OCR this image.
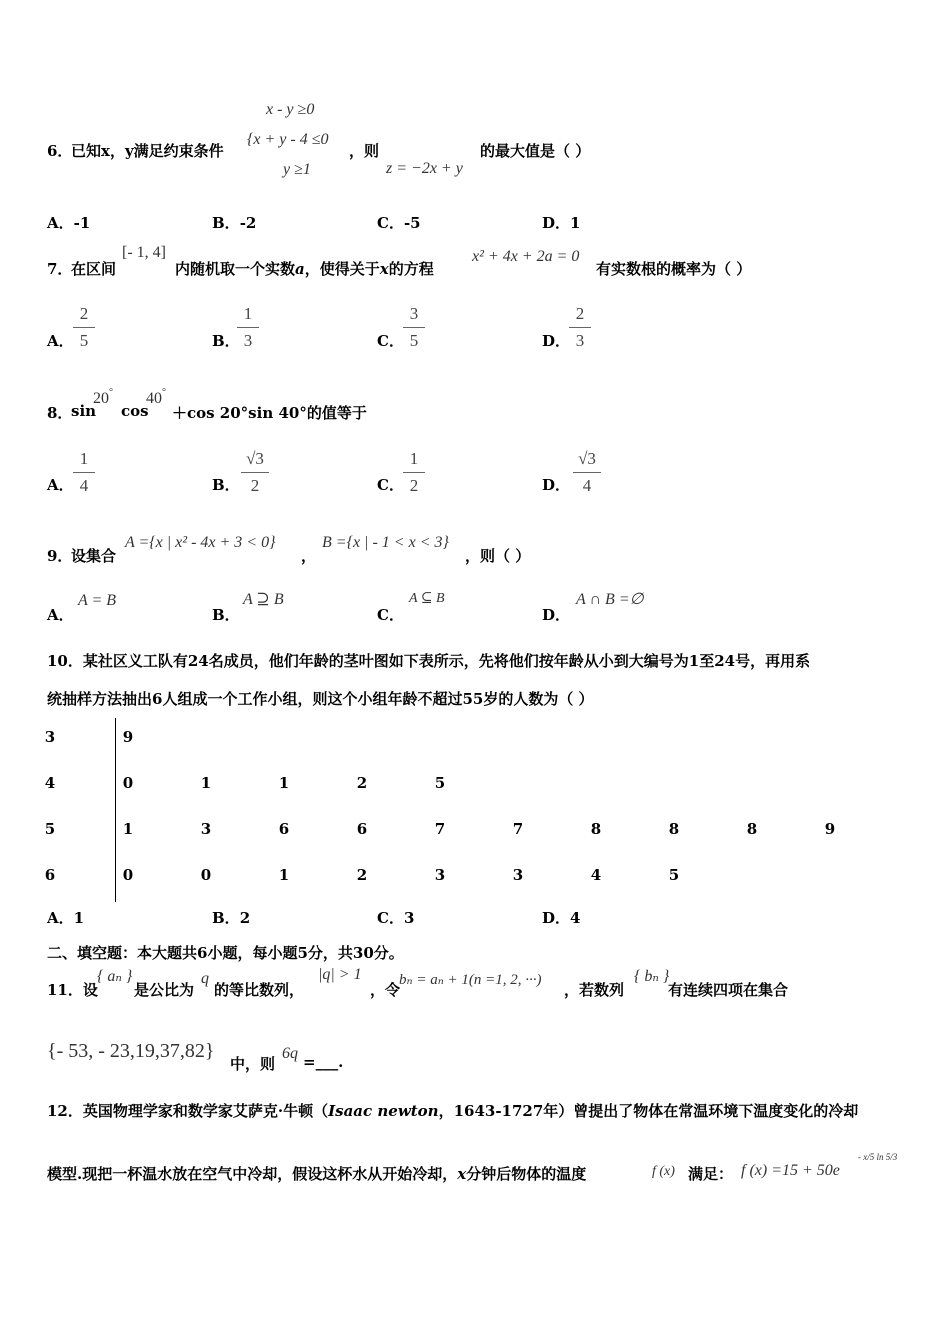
x - y ≥0
6．
已知x，y满足约束条件
{x + y - 4 ≤0
，则	的最大值是（ ）
y ≥1	z = −2x + y
A．-1	B．-2	C．-5	D．1
7．
在区间
[- 1, 4]
内随机取一个实数a，使得关于x的方程
x² + 4x + 2a = 0
有实数根的概率为（ ）
A．
2
5	B．
1
3	C．
3
5	D．
2
3
8．
sin
20°
cos
40°
＋cos 20°sin 40°的值等于
A．
1
4	B．
√3
2	C．
1
2	D．
√3
4
9．
设集合
A ={x | x² - 4x + 3 < 0}
，
B ={x | - 1 < x < 3}
，则（ ）
A．
A = B
B．
A ⊇ B
C．
A ⊆ B
D．
A ∩ B =∅
10．某社区义工队有24名成员，他们年龄的茎叶图如下表所示，先将他们按年龄从小到大编号为1至24号，再用系
统抽样方法抽出6人组成一个工作小组，则这个小组年龄不超过55岁的人数为（ ）
3	9
4	0	1	1	2	5
5	1	3	6	6	7	7	8	8	8	9
6	0	0	1	2	3	3	4	5
A．1	B．2	C．3	D．4
二、填空题：本大题共6小题，每小题5分，共30分。
11．设
{ aₙ }
是公比为
q
的等比数列，
|q| > 1
，令
bₙ = aₙ + 1(n =1, 2, ···)
，若数列
{ bₙ }
有连续四项在集合
{- 53, - 23,19,37,82}
中，则
6q =___.
12．英国物理学家和数学家艾萨克·牛顿（Isaac newton，1643-1727年）曾提出了物体在常温环境下温度变化的冷却
模型.现把一杯温水放在空气中冷却，假设这杯水从开始冷却，x分钟后物体的温度	f (x) 满足： f (x) =15 + 50e
- x/5 ln 5/3
